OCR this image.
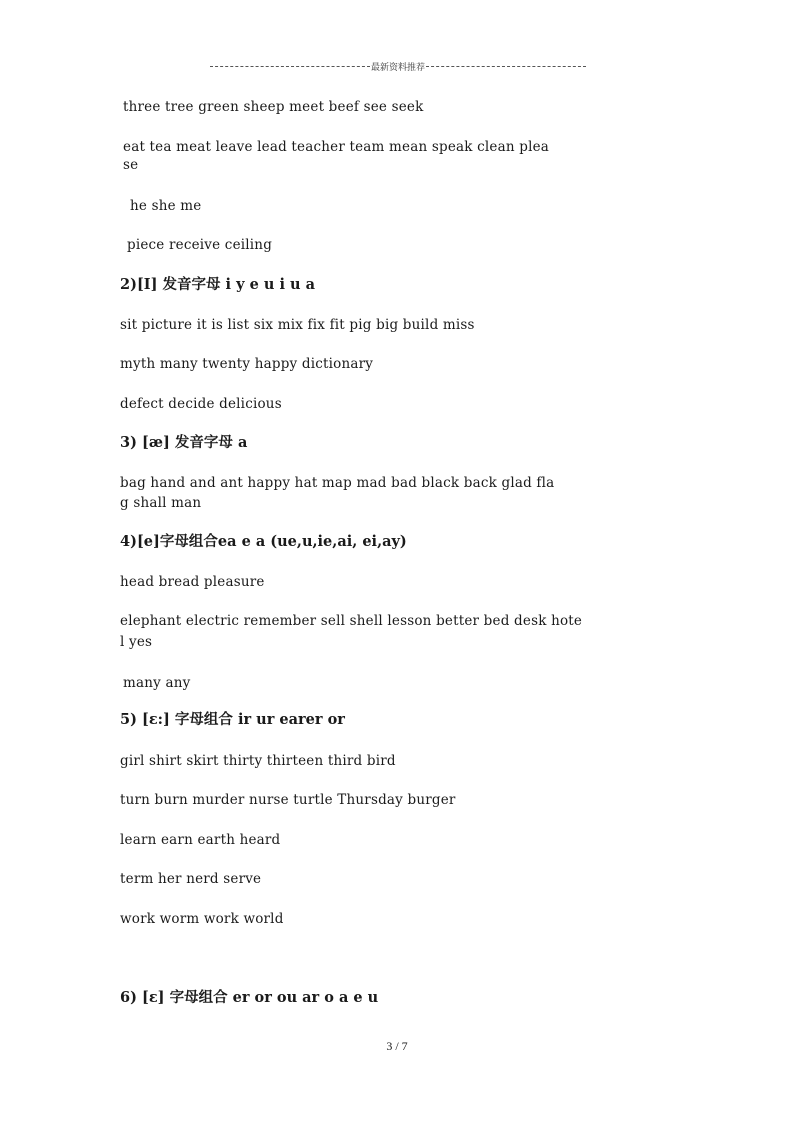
最新资料推荐
three tree green sheep meet beef see seek
eat tea meat leave lead teacher team mean speak clean plea
se
he she me
piece receive ceiling
2)[I] 发音字母 i y e u i u a
sit picture it is list six mix fix fit pig big build miss
myth many twenty happy dictionary
defect decide delicious
3) [æ] 发音字母 a
bag hand and ant happy hat map mad bad black back glad fla
g shall man
4)[e]字母组合ea e a (ue,u,ie,ai, ei,ay)
head bread pleasure
elephant electric remember sell shell lesson better bed desk hote
l yes
many any
5) [ɛ:] 字母组合 ir ur earer or
girl shirt skirt thirty thirteen third bird
turn burn murder nurse turtle Thursday burger
learn earn earth heard
term her nerd serve
work worm work world
6) [ɛ] 字母组合 er or ou ar o a e u
3 / 7
